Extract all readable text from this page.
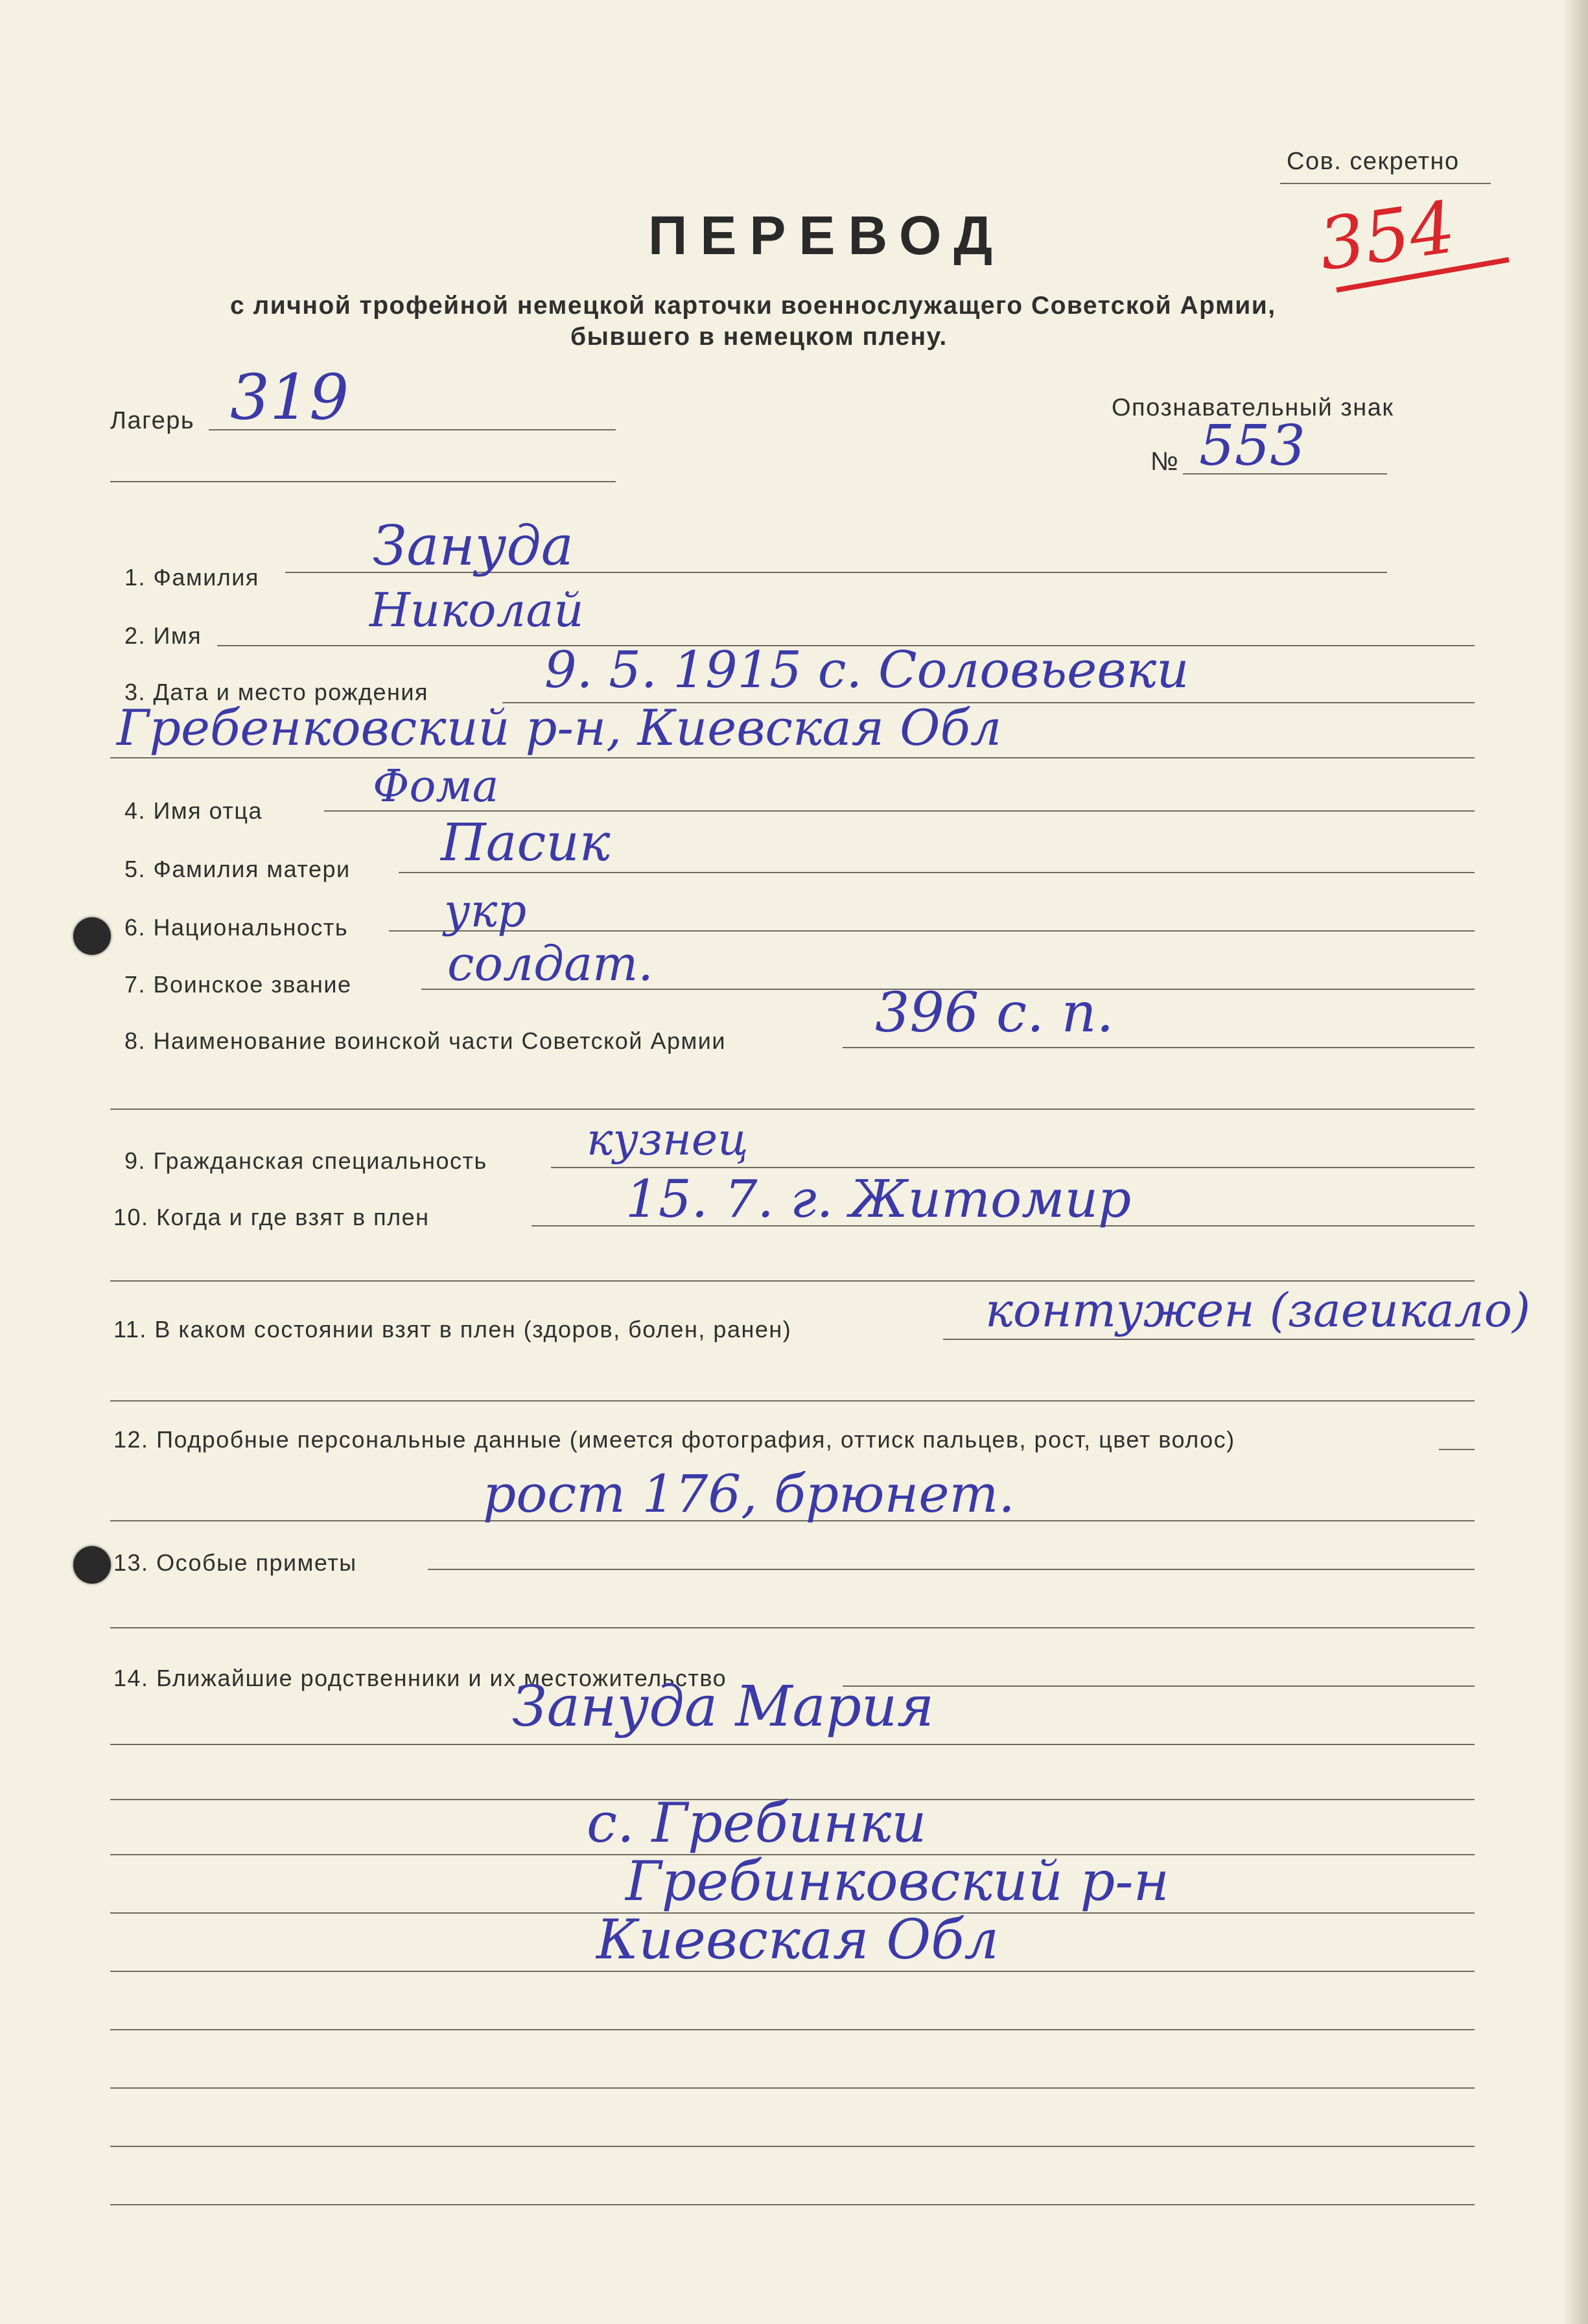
Сов. секретно
354
ПЕРЕВОД
с личной трофейной немецкой карточки военнослужащего Советской Армии,
бывшего в немецком плену.
Лагерь 319	Опознавательный знак
№ 553
1. Фамилия Зануда
2. Имя	Николай
3. Дата и место рождения 9. 5. 1915 с. Соловьевки
Гребенковский р-н, Киевская Обл
4. Имя отца Фома
5. Фамилия матери Пасик
6. Национальность укр
7. Воинское звание солдат.
8. Наименование воинской части Советской Армии	396 с. п.
9. Гражданская специальность кузнец
10. Когда и где взят в плен	15. 7. г. Житомир
11. В каком состоянии взят в плен (здоров, болен, ранен)	контужен (заеикало)
12. Подробные персональные данные (имеется фотография, оттиск пальцев, рост, цвет волос)
рост 176, брюнет.
13. Особые приметы
14. Ближайшие родственники и их местожительство
Зануда Мария
с. Гребинки
Гребинковский р-н
Киевская Обл
